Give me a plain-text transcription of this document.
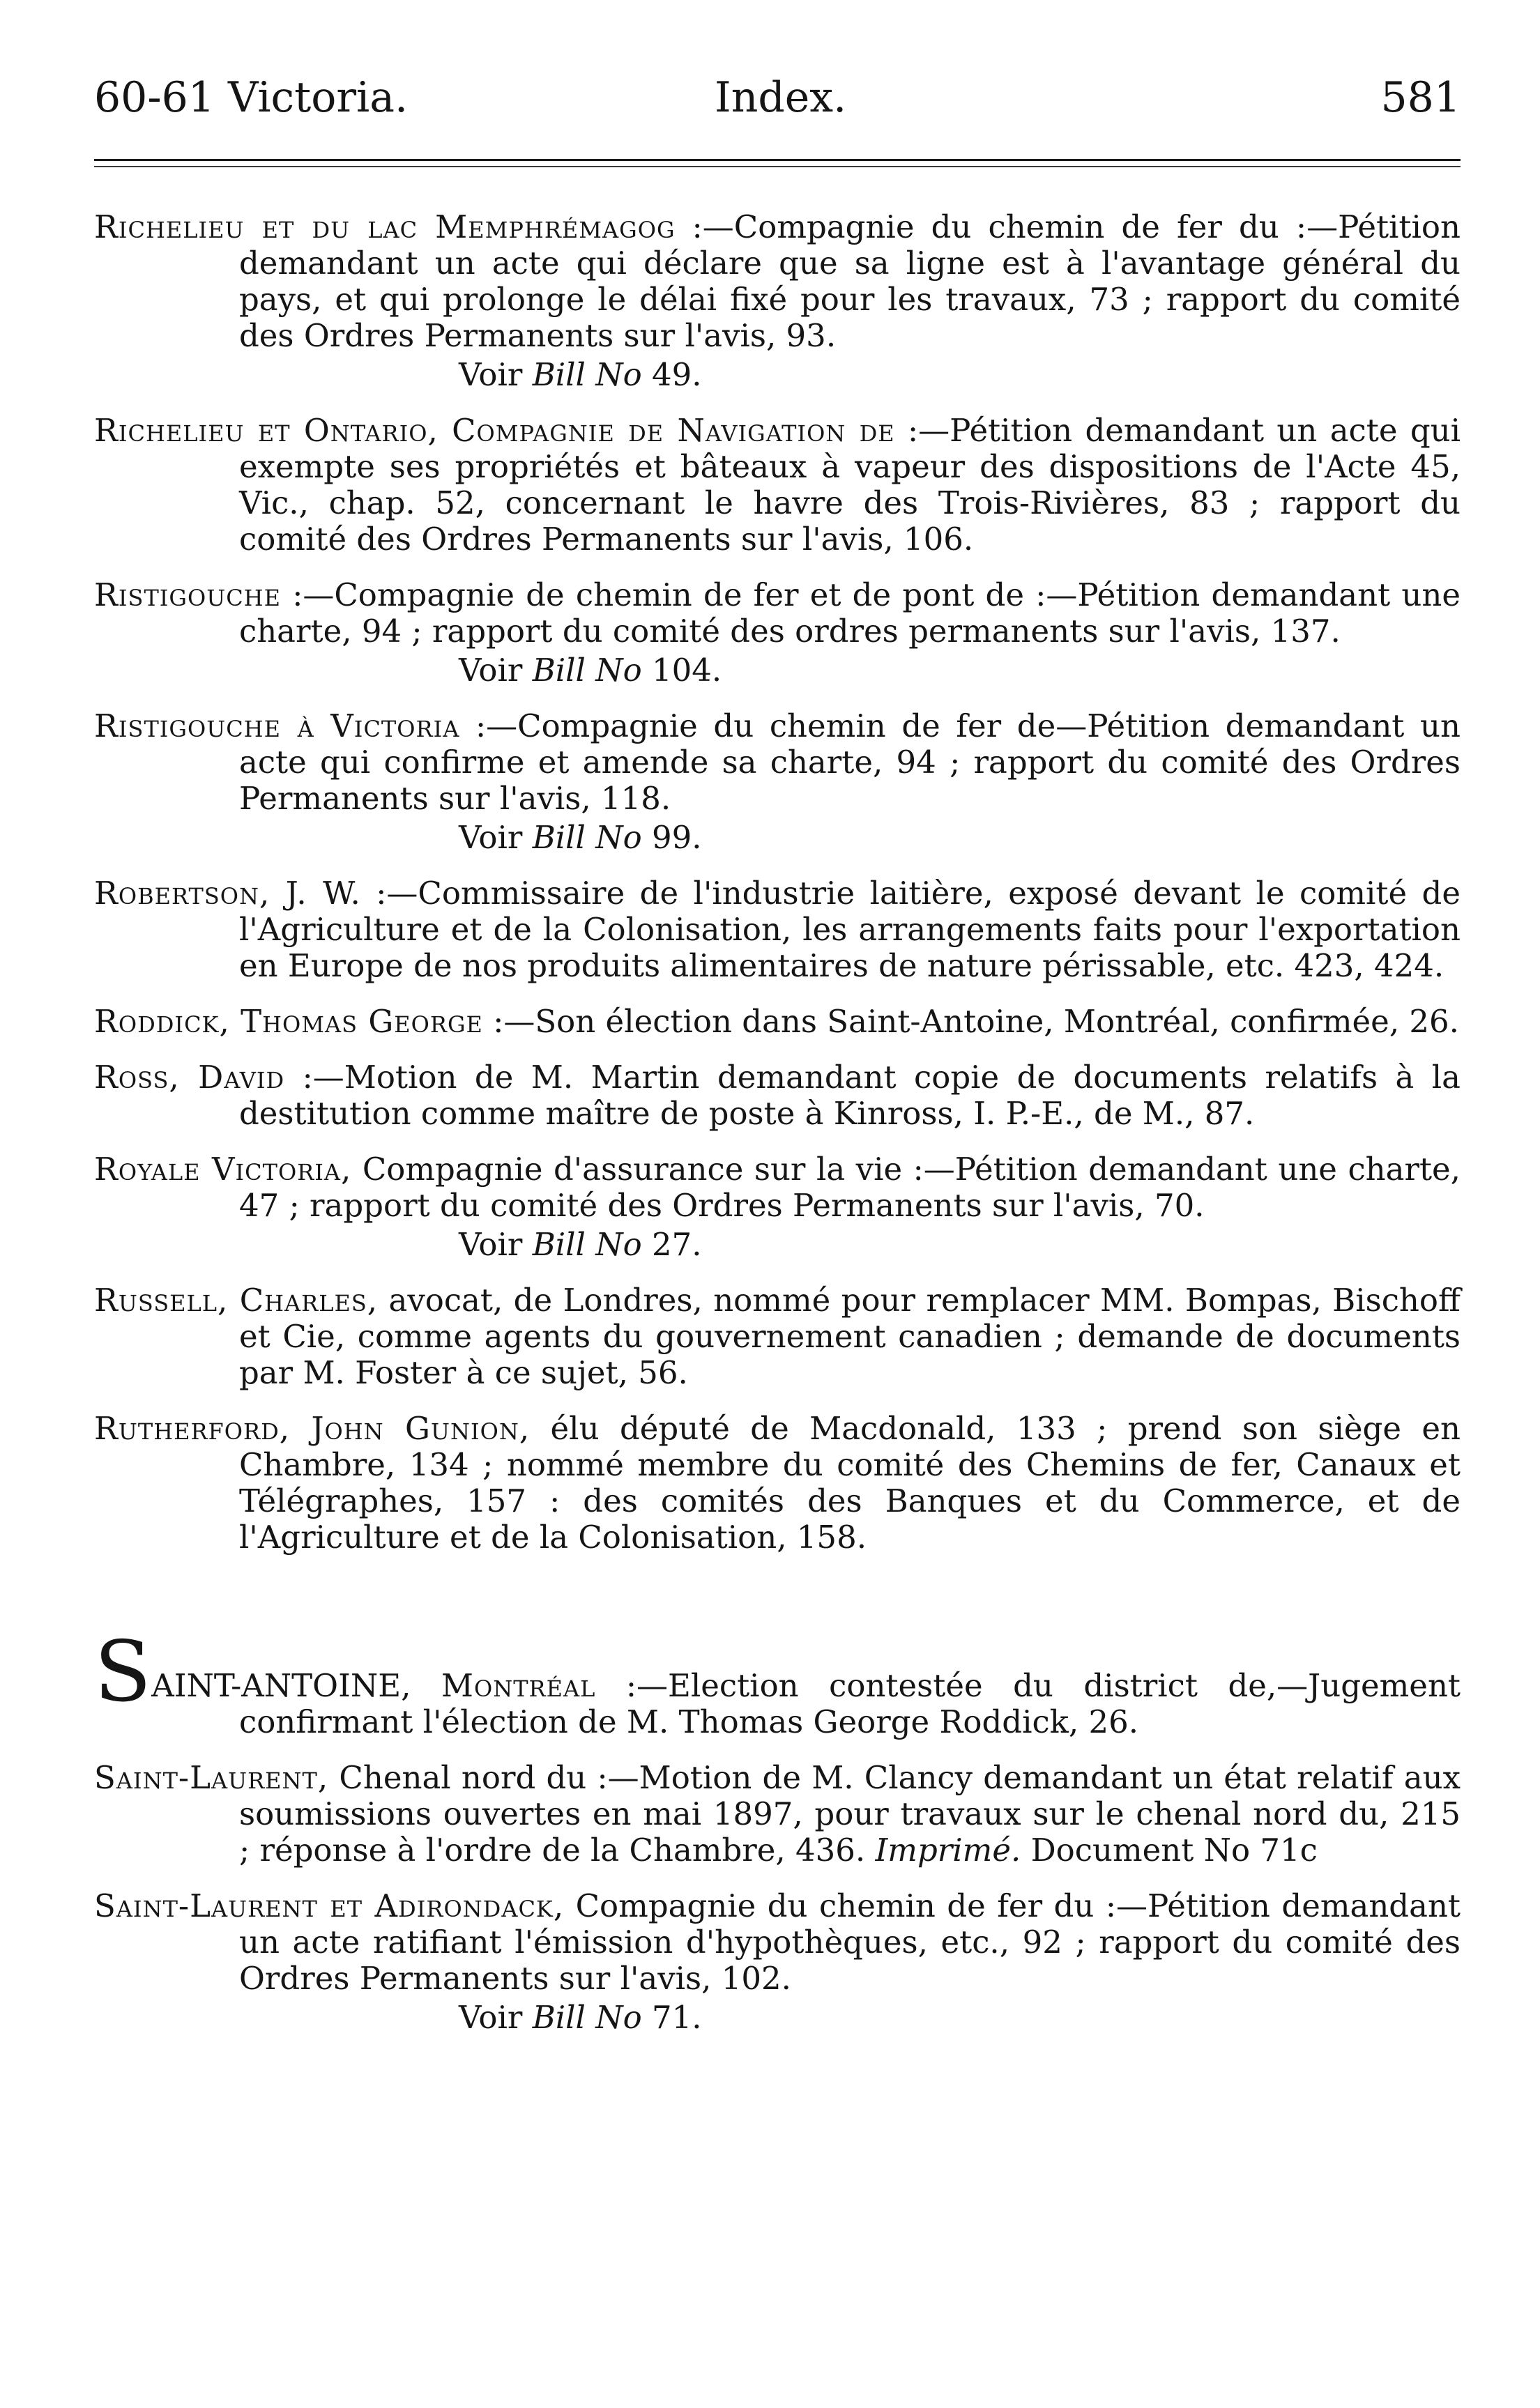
60-61 Victoria.	Index.	581
Richelieu et du lac Memphrémagog :—Compagnie du chemin de fer du :—Pétition demandant un acte qui déclare que sa ligne est à l'avantage général du pays, et qui prolonge le délai fixé pour les travaux, 73 ; rapport du comité des Ordres Permanents sur l'avis, 93.
Voir Bill No 49.
Richelieu et Ontario, Compagnie de Navigation de :—Pétition demandant un acte qui exempte ses propriétés et bâteaux à vapeur des dispositions de l'Acte 45, Vic., chap. 52, concernant le havre des Trois-Rivières, 83 ; rapport du comité des Ordres Permanents sur l'avis, 106.
Ristigouche :—Compagnie de chemin de fer et de pont de :—Pétition demandant une charte, 94 ; rapport du comité des ordres permanents sur l'avis, 137.
Voir Bill No 104.
Ristigouche à Victoria :—Compagnie du chemin de fer de—Pétition demandant un acte qui confirme et amende sa charte, 94 ; rapport du comité des Ordres Permanents sur l'avis, 118.
Voir Bill No 99.
Robertson, J. W. :—Commissaire de l'industrie laitière, exposé devant le comité de l'Agriculture et de la Colonisation, les arrangements faits pour l'exportation en Europe de nos produits alimentaires de nature périssable, etc. 423, 424.
Roddick, Thomas George :—Son élection dans Saint-Antoine, Montréal, confirmée, 26.
Ross, David :—Motion de M. Martin demandant copie de documents relatifs à la destitution comme maître de poste à Kinross, I. P.-E., de M., 87.
Royale Victoria, Compagnie d'assurance sur la vie :—Pétition demandant une charte, 47 ; rapport du comité des Ordres Permanents sur l'avis, 70.
Voir Bill No 27.
Russell, Charles, avocat, de Londres, nommé pour remplacer MM. Bompas, Bischoff et Cie, comme agents du gouvernement canadien ; demande de documents par M. Foster à ce sujet, 56.
Rutherford, John Gunion, élu député de Macdonald, 133 ; prend son siège en Chambre, 134 ; nommé membre du comité des Chemins de fer, Canaux et Télégraphes, 157 : des comités des Banques et du Commerce, et de l'Agriculture et de la Colonisation, 158.
SAINT-ANTOINE, Montréal :—Election contestée du district de,—Jugement confirmant l'élection de M. Thomas George Roddick, 26.
Saint-Laurent, Chenal nord du :—Motion de M. Clancy demandant un état relatif aux soumissions ouvertes en mai 1897, pour travaux sur le chenal nord du, 215 ; réponse à l'ordre de la Chambre, 436. Imprimé. Document No 71c
Saint-Laurent et Adirondack, Compagnie du chemin de fer du :—Pétition demandant un acte ratifiant l'émission d'hypothèques, etc., 92 ; rapport du comité des Ordres Permanents sur l'avis, 102.
Voir Bill No 71.
